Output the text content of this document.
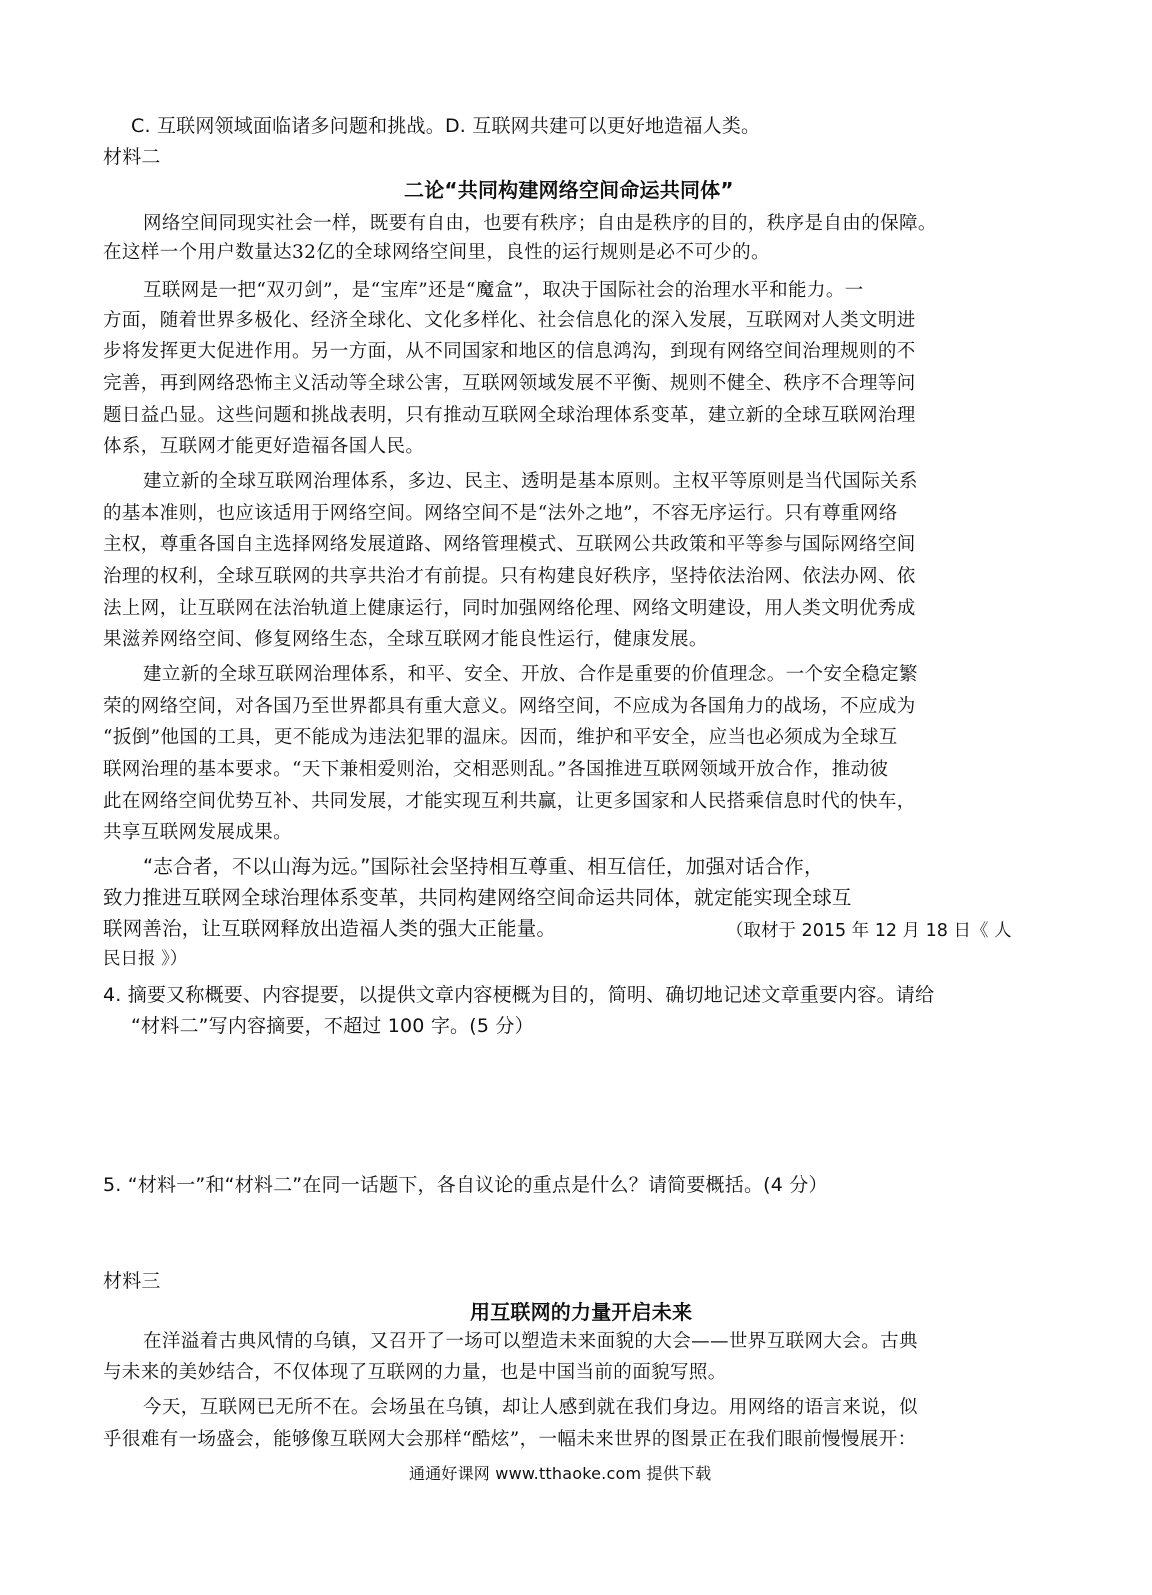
C. 互联网领域面临诸多问题和挑战。D. 互联网共建可以更好地造福人类。
材料二
二论“共同构建网络空间命运共同体”
网络空间同现实社会一样，既要有自由，也要有秩序；自由是秩序的目的，秩序是自由的保障。
在这样一个用户数量达32亿的全球网络空间里，良性的运行规则是必不可少的。
互联网是一把“双刃剑”，是“宝库”还是“魔盒”，取决于国际社会的治理水平和能力。一
方面，随着世界多极化、经济全球化、文化多样化、社会信息化的深入发展，互联网对人类文明进
步将发挥更大促进作用。另一方面，从不同国家和地区的信息鸿沟，到现有网络空间治理规则的不
完善，再到网络恐怖主义活动等全球公害，互联网领域发展不平衡、规则不健全、秩序不合理等问
题日益凸显。这些问题和挑战表明，只有推动互联网全球治理体系变革，建立新的全球互联网治理
体系，互联网才能更好造福各国人民。
建立新的全球互联网治理体系，多边、民主、透明是基本原则。主权平等原则是当代国际关系
的基本准则，也应该适用于网络空间。网络空间不是“法外之地”，不容无序运行。只有尊重网络
主权，尊重各国自主选择网络发展道路、网络管理模式、互联网公共政策和平等参与国际网络空间
治理的权利，全球互联网的共享共治才有前提。只有构建良好秩序，坚持依法治网、依法办网、依
法上网，让互联网在法治轨道上健康运行，同时加强网络伦理、网络文明建设，用人类文明优秀成
果滋养网络空间、修复网络生态，全球互联网才能良性运行，健康发展。
建立新的全球互联网治理体系，和平、安全、开放、合作是重要的价值理念。一个安全稳定繁
荣的网络空间，对各国乃至世界都具有重大意义。网络空间，不应成为各国角力的战场，不应成为
“扳倒”他国的工具，更不能成为违法犯罪的温床。因而，维护和平安全，应当也必须成为全球互
联网治理的基本要求。“天下兼相爱则治，交相恶则乱。”各国推进互联网领域开放合作，推动彼
此在网络空间优势互补、共同发展，才能实现互利共赢，让更多国家和人民搭乘信息时代的快车，
共享互联网发展成果。
“志合者，不以山海为远。”国际社会坚持相互尊重、相互信任，加强对话合作，
致力推进互联网全球治理体系变革，共同构建网络空间命运共同体，就定能实现全球互
联网善治，让互联网释放出造福人类的强大正能量。	（取材于 2015 年 12 月 18 日《 人
民日报 》）
4. 摘要又称概要、内容提要，以提供文章内容梗概为目的，简明、确切地记述文章重要内容。请给
“材料二”写内容摘要，不超过 100 字。(5 分）
5. “材料一”和“材料二”在同一话题下，各自议论的重点是什么？请简要概括。(4 分）
材料三
用互联网的力量开启未来
在洋溢着古典风情的乌镇，又召开了一场可以塑造未来面貌的大会——世界互联网大会。古典
与未来的美妙结合，不仅体现了互联网的力量，也是中国当前的面貌写照。
今天，互联网已无所不在。会场虽在乌镇，却让人感到就在我们身边。用网络的语言来说，似
乎很难有一场盛会，能够像互联网大会那样“酷炫”，一幅未来世界的图景正在我们眼前慢慢展开：
通通好课网 www.tthaoke.com 提供下载
